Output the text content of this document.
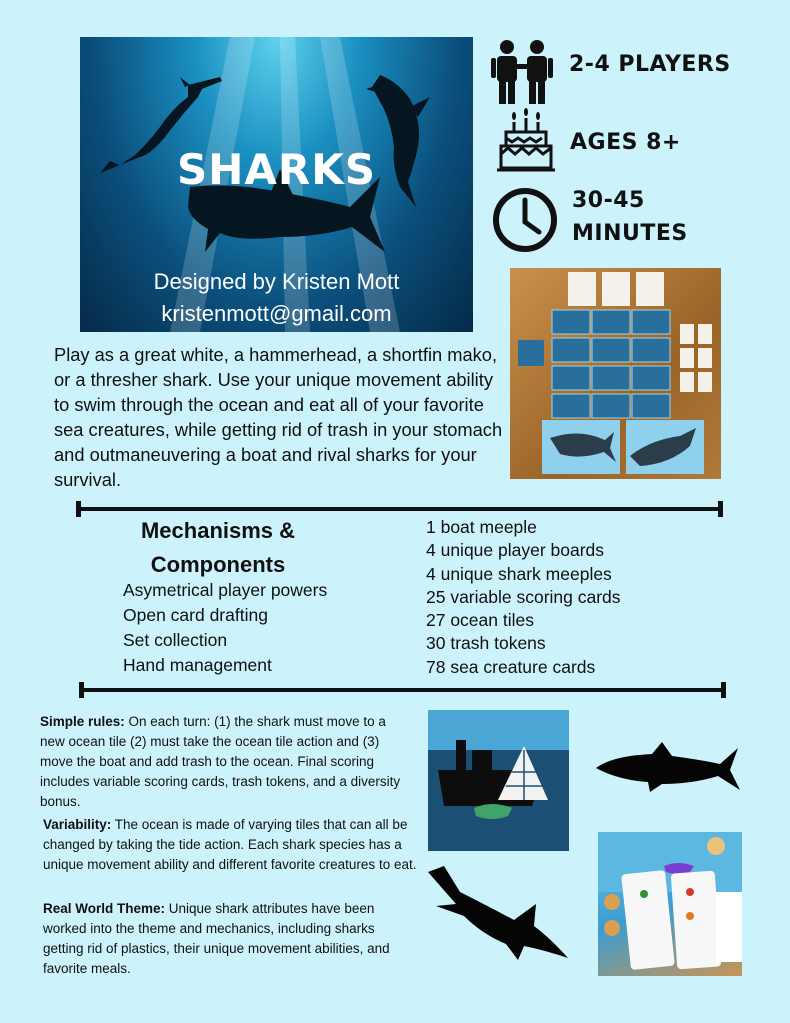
SHARKS
Designed by Kristen Mott
kristenmott@gmail.com
2-4 PLAYERS
AGES 8+
30-45
MINUTES
Play as a great white, a hammerhead, a shortfin mako, or a thresher shark. Use your unique movement ability to swim through the ocean and eat all of your favorite sea creatures, while getting rid of trash in your stomach and outmaneuvering a boat and rival sharks for your survival.
Mechanisms &
Components
Asymetrical player powers
Open card drafting
Set collection
Hand management
1 boat meeple
4 unique player boards
4 unique shark meeples
25 variable scoring cards
27 ocean tiles
30 trash tokens
78 sea creature cards
Simple rules: On each turn: (1) the shark must move to a new ocean tile (2) must take the ocean tile action and (3) move the boat and add trash to the ocean. Final scoring includes variable scoring cards, trash tokens, and a diversity bonus.
Variability: The ocean is made of varying tiles that can all be changed by taking the tide action. Each shark species has a unique movement ability and different favorite creatures to eat.
Real World Theme: Unique shark attributes have been worked into the theme and mechanics, including sharks getting rid of plastics, their unique movement abilities, and favorite meals.
